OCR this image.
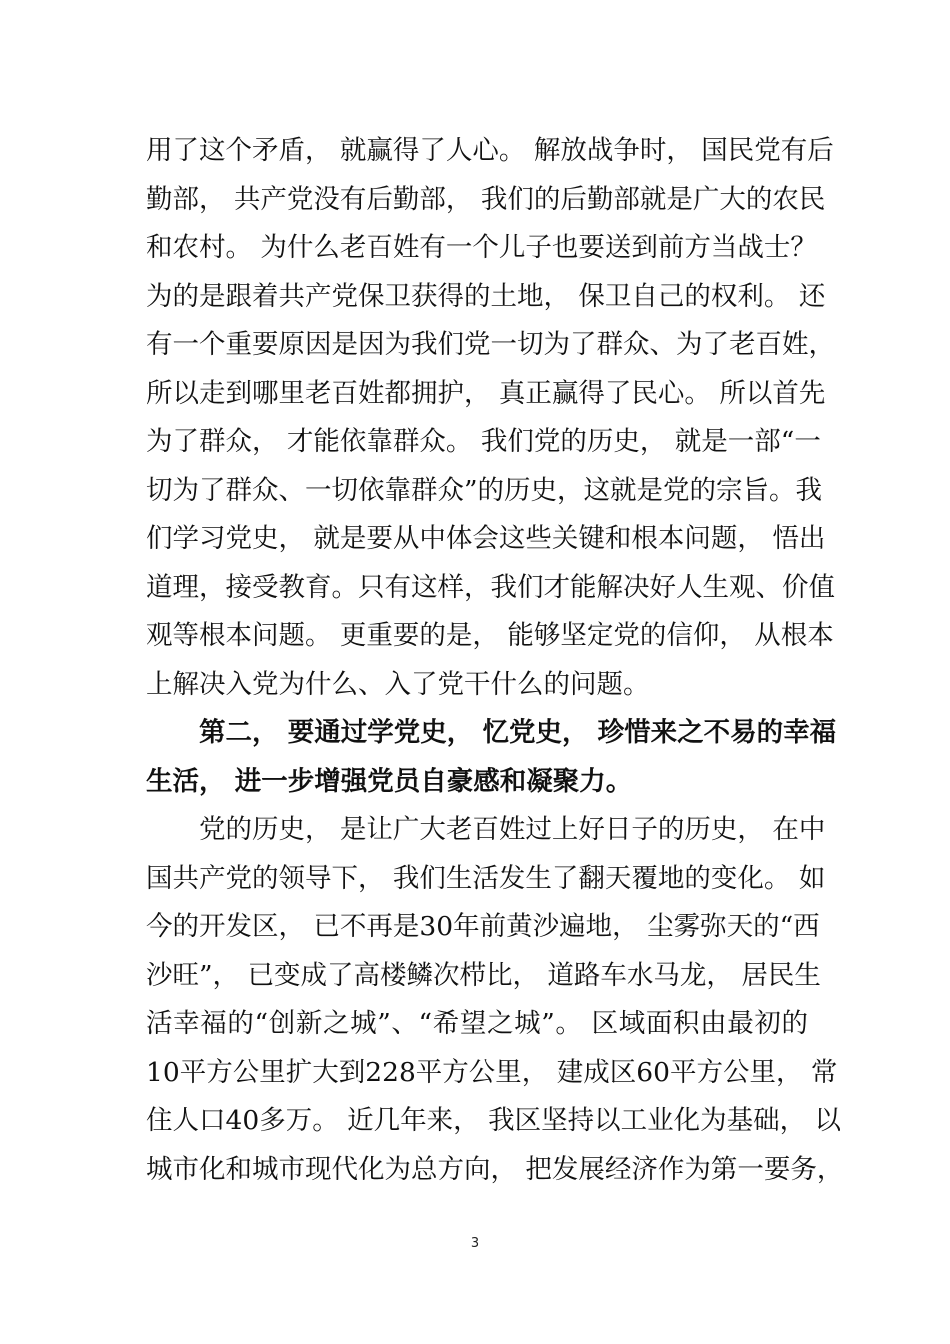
用了这个矛盾， 就赢得了人心。 解放战争时， 国民党有后
勤部， 共产党没有后勤部， 我们的后勤部就是广大的农民
和农村。 为什么老百姓有一个儿子也要送到前方当战士？
为的是跟着共产党保卫获得的土地， 保卫自己的权利。 还
有一个重要原因是因为我们党一切为了群众、为了老百姓，
所以走到哪里老百姓都拥护， 真正赢得了民心。 所以首先
为了群众， 才能依靠群众。 我们党的历史， 就是一部“一
切为了群众、一切依靠群众”的历史，这就是党的宗旨。我
们学习党史， 就是要从中体会这些关键和根本问题， 悟出
道理，接受教育。只有这样，我们才能解决好人生观、价值
观等根本问题。 更重要的是， 能够坚定党的信仰， 从根本
上解决入党为什么、入了党干什么的问题。
第二， 要通过学党史， 忆党史， 珍惜来之不易的幸福
生活， 进一步增强党员自豪感和凝聚力。
党的历史， 是让广大老百姓过上好日子的历史， 在中
国共产党的领导下， 我们生活发生了翻天覆地的变化。 如
今的开发区， 已不再是30年前黄沙遍地， 尘雾弥天的“西
沙旺”， 已变成了高楼鳞次栉比， 道路车水马龙， 居民生
活幸福的“创新之城”、“希望之城”。 区域面积由最初的
10平方公里扩大到228平方公里， 建成区60平方公里， 常
住人口40多万。 近几年来， 我区坚持以工业化为基础， 以
城市化和城市现代化为总方向， 把发展经济作为第一要务，
3
